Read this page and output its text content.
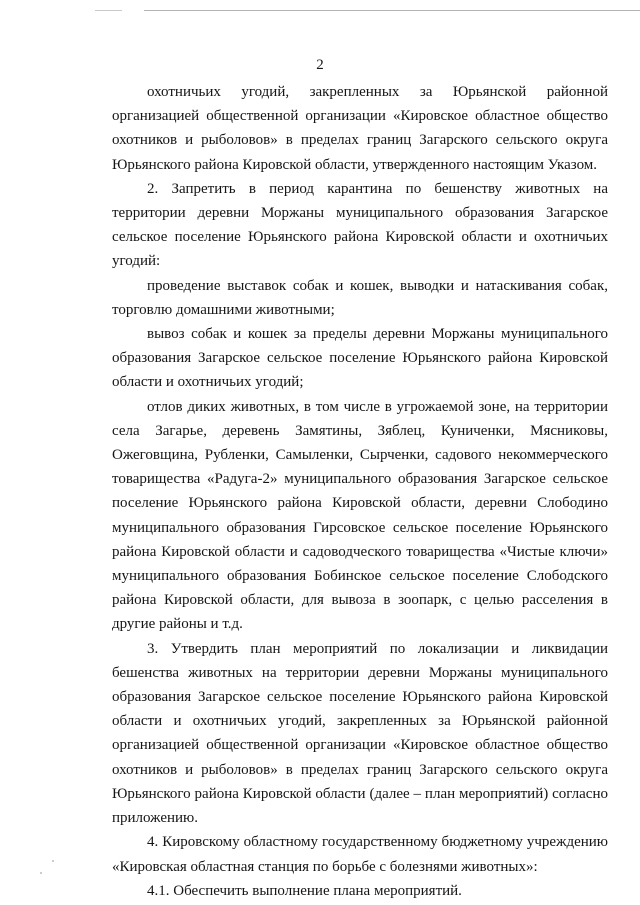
2

охотничьих угодий, закрепленных за Юрьянской районной организацией общественной организации «Кировское областное общество охотников и рыболовов» в пределах границ Загарского сельского округа Юрьянского района Кировской области, утвержденного настоящим Указом.

2. Запретить в период карантина по бешенству животных на территории деревни Моржаны муниципального образования Загарское сельское поселение Юрьянского района Кировской области и охотничьих угодий:

проведение выставок собак и кошек, выводки и натаскивания собак, торговлю домашними животными;

вывоз собак и кошек за пределы деревни Моржаны муниципального образования Загарское сельское поселение Юрьянского района Кировской области и охотничьих угодий;

отлов диких животных, в том числе в угрожаемой зоне, на территории села Загарье, деревень Замятины, Зяблец, Куниченки, Мясниковы, Ожеговщина, Рубленки, Самыленки, Сырченки, садового некоммерческого товарищества «Радуга-2» муниципального образования Загарское сельское поселение Юрьянского района Кировской области, деревни Слободино муниципального образования Гирсовское сельское поселение Юрьянского района Кировской области и садоводческого товарищества «Чистые ключи» муниципального образования Бобинское сельское поселение Слободского района Кировской области, для вывоза в зоопарк, с целью расселения в другие районы и т.д.

3. Утвердить план мероприятий по локализации и ликвидации бешенства животных на территории деревни Моржаны муниципального образования Загарское сельское поселение Юрьянского района Кировской области и охотничьих угодий, закрепленных за Юрьянской районной организацией общественной организации «Кировское областное общество охотников и рыболовов» в пределах границ Загарского сельского округа Юрьянского района Кировской области (далее – план мероприятий) согласно приложению.

4. Кировскому областному государственному бюджетному учреждению «Кировская областная станция по борьбе с болезнями животных»:

4.1. Обеспечить выполнение плана мероприятий.
